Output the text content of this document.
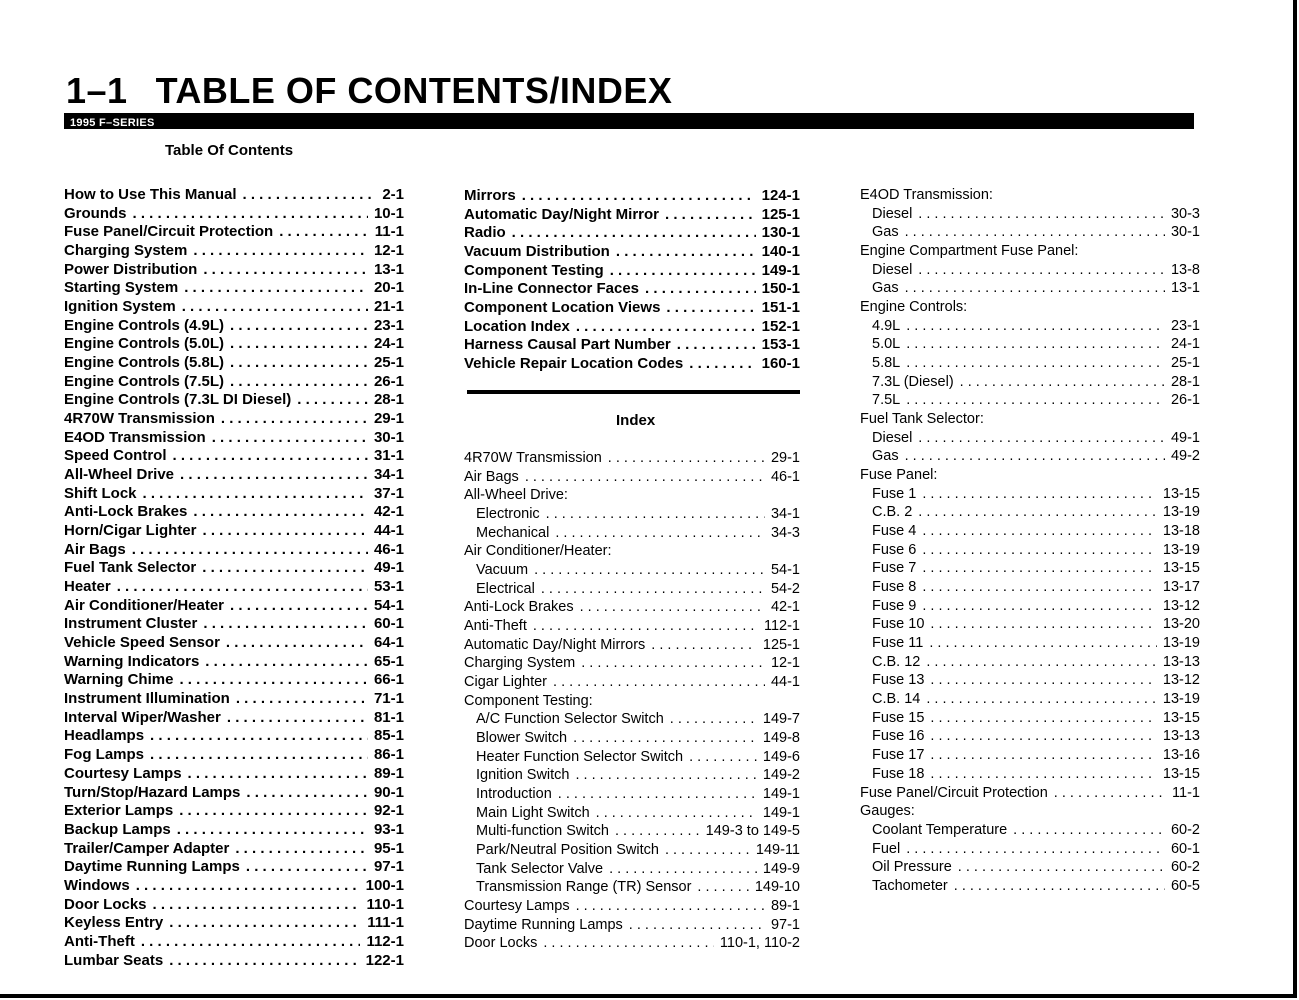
1–1 TABLE OF CONTENTS/INDEX
1995 F–SERIES
Table Of Contents
How to Use This Manual . . .	2-1
Grounds . . .	10-1
Fuse Panel/Circuit Protection . . .	11-1
Charging System . . .	12-1
Power Distribution . . .	13-1
Starting System . . .	20-1
Ignition System . . .	21-1
Engine Controls (4.9L) . . .	23-1
Engine Controls (5.0L) . . .	24-1
Engine Controls (5.8L) . . .	25-1
Engine Controls (7.5L) . . .	26-1
Engine Controls (7.3L DI Diesel) . . .	28-1
4R70W Transmission . . .	29-1
E4OD Transmission . . .	30-1
Speed Control . . .	31-1
All-Wheel Drive . . .	34-1
Shift Lock . . .	37-1
Anti-Lock Brakes . . .	42-1
Horn/Cigar Lighter . . .	44-1
Air Bags . . .	46-1
Fuel Tank Selector . . .	49-1
Heater . . .	53-1
Air Conditioner/Heater . . .	54-1
Instrument Cluster . . .	60-1
Vehicle Speed Sensor . . .	64-1
Warning Indicators . . .	65-1
Warning Chime . . .	66-1
Instrument Illumination . . .	71-1
Interval Wiper/Washer . . .	81-1
Headlamps . . .	85-1
Fog Lamps . . .	86-1
Courtesy Lamps . . .	89-1
Turn/Stop/Hazard Lamps . . .	90-1
Exterior Lamps . . .	92-1
Backup Lamps . . .	93-1
Trailer/Camper Adapter . . .	95-1
Daytime Running Lamps . . .	97-1
Windows . . .	100-1
Door Locks . . .	110-1
Keyless Entry . . .	111-1
Anti-Theft . . .	112-1
Lumbar Seats . . .	122-1
Mirrors . . .	124-1
Automatic Day/Night Mirror . . .	125-1
Radio . . .	130-1
Vacuum Distribution . . .	140-1
Component Testing . . .	149-1
In-Line Connector Faces . . .	150-1
Component Location Views . . .	151-1
Location Index . . .	152-1
Harness Causal Part Number . . .	153-1
Vehicle Repair Location Codes . . .	160-1
Index
4R70W Transmission . . .	29-1
Air Bags . . .	46-1
All-Wheel Drive:
Electronic . . .	34-1
Mechanical . . .	34-3
Air Conditioner/Heater:
Vacuum . . .	54-1
Electrical . . .	54-2
Anti-Lock Brakes . . .	42-1
Anti-Theft . . .	112-1
Automatic Day/Night Mirrors . . .	125-1
Charging System . . .	12-1
Cigar Lighter . . .	44-1
Component Testing:
A/C Function Selector Switch . . .	149-7
Blower Switch . . .	149-8
Heater Function Selector Switch . . .	149-6
Ignition Switch . . .	149-2
Introduction . . .	149-1
Main Light Switch . . .	149-1
Multi-function Switch . . .	149-3 to 149-5
Park/Neutral Position Switch . . .	149-11
Tank Selector Valve . . .	149-9
Transmission Range (TR) Sensor . . .	149-10
Courtesy Lamps . . .	89-1
Daytime Running Lamps . . .	97-1
Door Locks . . .	110-1, 110-2
E4OD Transmission:
Diesel . . .	30-3
Gas . . .	30-1
Engine Compartment Fuse Panel:
Diesel . . .	13-8
Gas . . .	13-1
Engine Controls:
4.9L . . .	23-1
5.0L . . .	24-1
5.8L . . .	25-1
7.3L (Diesel) . . .	28-1
7.5L . . .	26-1
Fuel Tank Selector:
Diesel . . .	49-1
Gas . . .	49-2
Fuse Panel:
Fuse 1 . . .	13-15
C.B. 2 . . .	13-19
Fuse 4 . . .	13-18
Fuse 6 . . .	13-19
Fuse 7 . . .	13-15
Fuse 8 . . .	13-17
Fuse 9 . . .	13-12
Fuse 10 . . .	13-20
Fuse 11 . . .	13-19
C.B. 12 . . .	13-13
Fuse 13 . . .	13-12
C.B. 14 . . .	13-19
Fuse 15 . . .	13-15
Fuse 16 . . .	13-13
Fuse 17 . . .	13-16
Fuse 18 . . .	13-15
Fuse Panel/Circuit Protection . . .	11-1
Gauges:
Coolant Temperature . . .	60-2
Fuel . . .	60-1
Oil Pressure . . .	60-2
Tachometer . . .	60-5
